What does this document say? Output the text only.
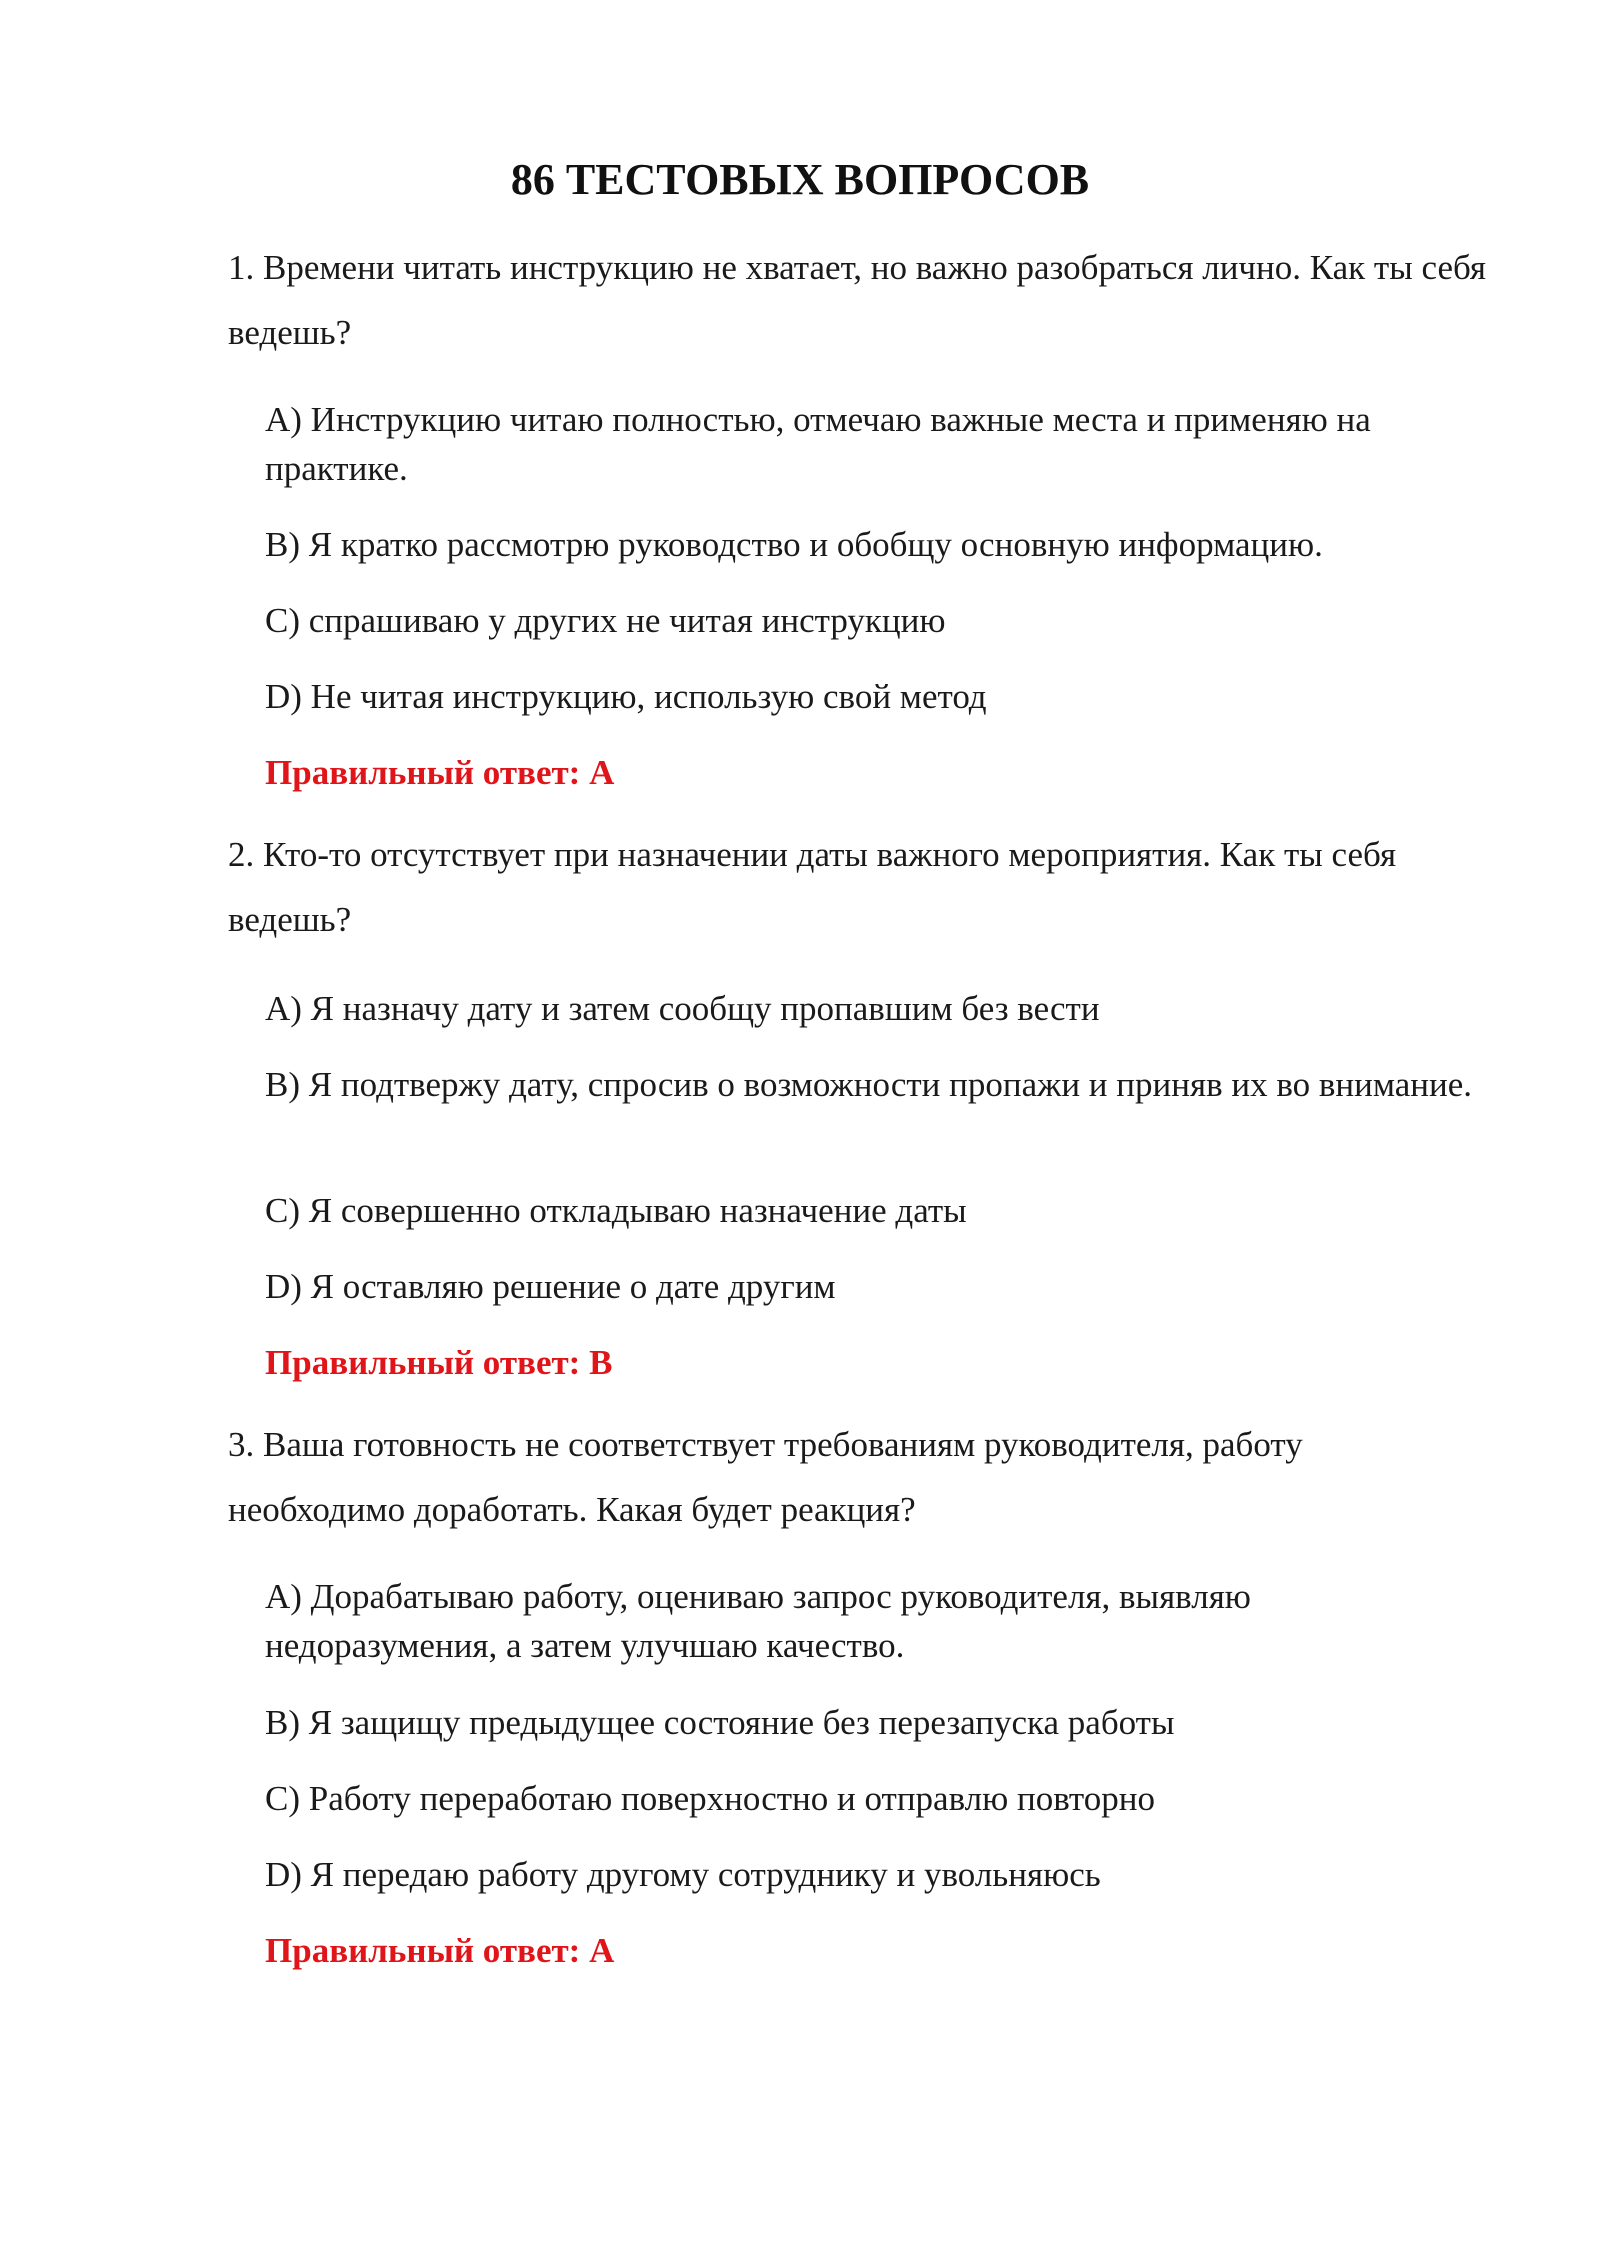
86 ТЕСТОВЫХ ВОПРОСОВ
1. Времени читать инструкцию не хватает, но важно разобраться лично. Как ты себя ведешь?
A) Инструкцию читаю полностью, отмечаю важные места и применяю на практике.
B) Я кратко рассмотрю руководство и обобщу основную информацию.
C) спрашиваю у других не читая инструкцию
D) Не читая инструкцию, использую свой метод
Правильный ответ: A
2. Кто-то отсутствует при назначении даты важного мероприятия. Как ты себя ведешь?
A) Я назначу дату и затем сообщу пропавшим без вести
B) Я подтвержу дату, спросив о возможности пропажи и приняв их во внимание.
C) Я совершенно откладываю назначение даты
D) Я оставляю решение о дате другим
Правильный ответ: B
3. Ваша готовность не соответствует требованиям руководителя, работу необходимо доработать. Какая будет реакция?
A) Дорабатываю работу, оцениваю запрос руководителя, выявляю недоразумения, а затем улучшаю качество.
B) Я защищу предыдущее состояние без перезапуска работы
C) Работу переработаю поверхностно и отправлю повторно
D) Я передаю работу другому сотруднику и увольняюсь
Правильный ответ: A
